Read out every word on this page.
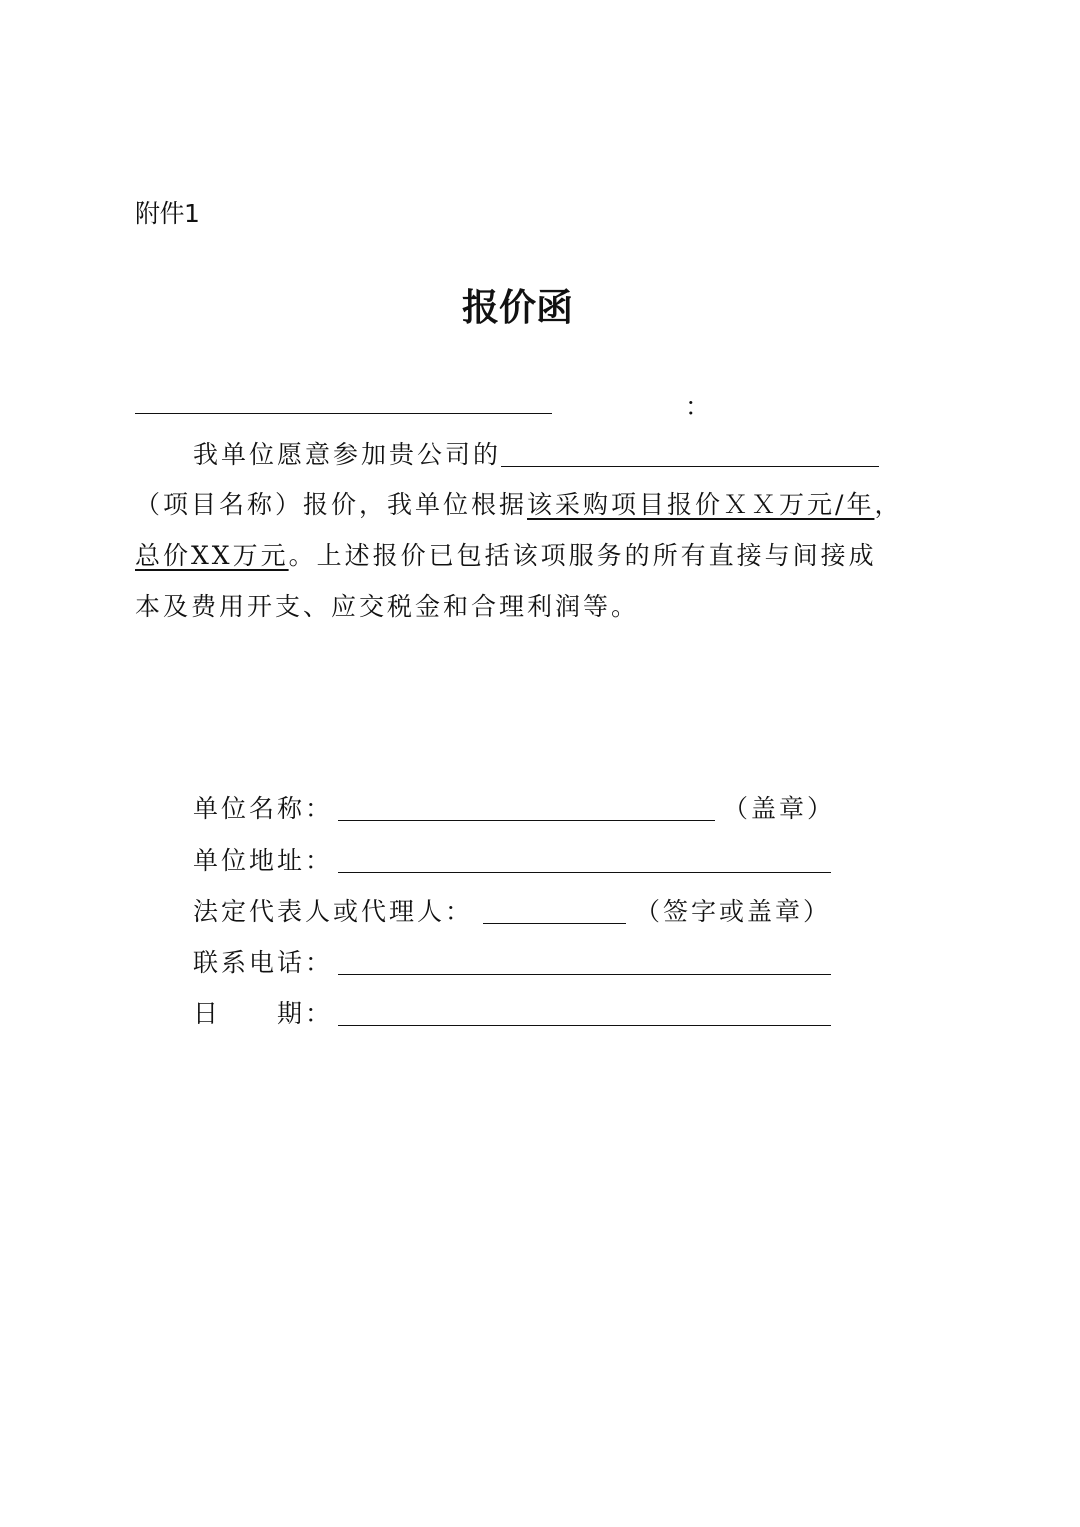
附件1
报价函
：
我单位愿意参加贵公司的
（项目名称）报价，我单位根据该采购项目报价ＸＸ万元/年，
总价XX万元。上述报价已包括该项服务的所有直接与间接成
本及费用开支、应交税金和合理利润等。
单位名称：	（盖章）
单位地址：
法定代表人或代理人：	（签字或盖章）
联系电话：
日　　期：
